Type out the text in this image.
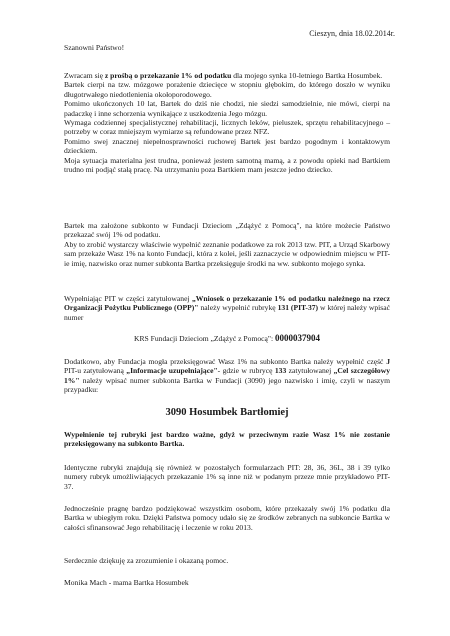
Cieszyn, dnia 18.02.2014r.

Szanowni Państwo!

Zwracam się z prośbą o przekazanie 1% od podatku dla mojego synka 10-letniego Bartka Hosumbek.
Bartek cierpi na tzw. mózgowe porażenie dziecięce w stopniu głębokim, do którego doszło w wyniku długotrwałego niedotlenienia okołoporodowego.
Pomimo ukończonych 10 lat, Bartek do dziś nie chodzi, nie siedzi samodzielnie, nie mówi, cierpi na padaczkę i inne schorzenia wynikające z uszkodzenia Jego mózgu.
Wymaga codziennej specjalistycznej rehabilitacji, licznych leków, pieluszek, sprzętu rehabilitacyjnego – potrzeby w coraz mniejszym wymiarze są refundowane przez NFZ.
Pomimo swej znacznej niepełnosprawności ruchowej Bartek jest bardzo pogodnym i kontaktowym dzieckiem.
Moja sytuacja materialna jest trudna, ponieważ jestem samotną mamą, a z powodu opieki nad Bartkiem trudno mi podjąć stałą pracę. Na utrzymaniu poza Bartkiem mam jeszcze jedno dziecko.

Bartek ma założone subkonto w Fundacji Dzieciom „Zdążyć z Pomocą", na które możecie Państwo przekazać swój 1% od podatku.
Aby to zrobić wystarczy właściwie wypełnić zeznanie podatkowe za rok 2013 tzw. PIT, a Urząd Skarbowy sam przekaże Wasz 1% na konto Fundacji, która z kolei, jeśli zaznaczycie w odpowiednim miejscu w PIT-ie imię, nazwisko oraz numer subkonta Bartka przeksięguje środki na ww. subkonto mojego synka.

Wypełniając PIT w części zatytułowanej „Wniosek o przekazanie 1% od podatku należnego na rzecz Organizacji Pożytku Publicznego (OPP)" należy wypełnić rubrykę 131 (PIT-37) w której należy wpisać numer

KRS Fundacji Dzieciom „Zdążyć z Pomocą": 0000037904

Dodatkowo, aby Fundacja mogła przeksięgować Wasz 1% na subkonto Bartka należy wypełnić część J PIT-u zatytułowaną „Informacje uzupełniające"- gdzie w rubrycę 133 zatytułowanej „Cel szczegółowy 1%" należy wpisać numer subkonta Bartka w Fundacji (3090) jego nazwisko i imię, czyli w naszym przypadku:

3090 Hosumbek Bartłomiej

Wypełnienie tej rubryki jest bardzo ważne, gdyż w przeciwnym razie Wasz 1% nie zostanie przeksięgowany na subkonto Bartka.

Identyczne rubryki znajdują się również w pozostałych formularzach PIT: 28, 36, 36L, 38 i 39 tylko numery rubryk umożliwiających przekazanie 1% są inne niż w podanym przeze mnie przykładowo PIT-37.

Jednocześnie pragnę bardzo podziękować wszystkim osobom, które przekazały swój 1% podatku dla Bartka w ubiegłym roku. Dzięki Państwa pomocy udało się ze środków zebranych na subkoncie Bartka w całości sfinansować Jego rehabilitację i leczenie w roku 2013.

Serdecznie dziękuję za zrozumienie i okazaną pomoc.

Monika Mach - mama Bartka Hosumbek
